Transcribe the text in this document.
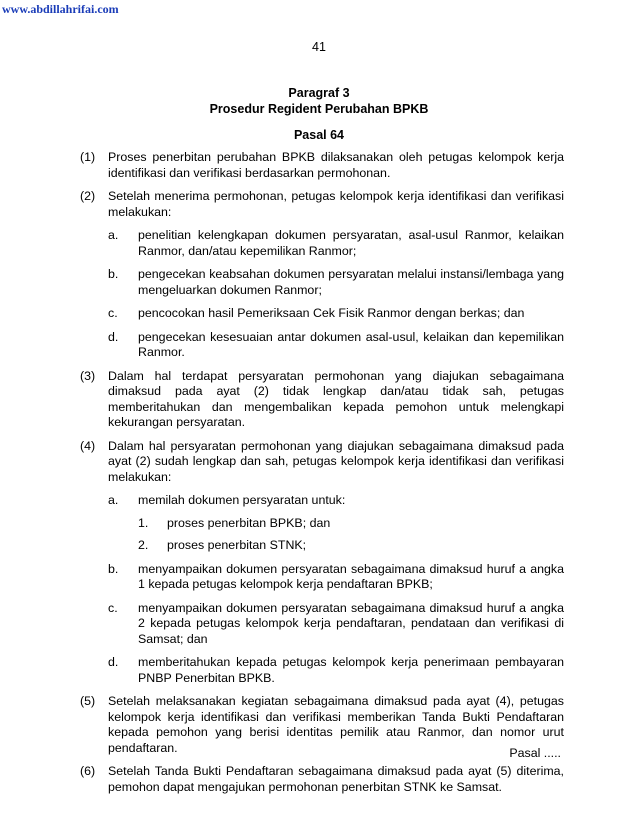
www.abdillahrifai.com
41
Paragraf 3
Prosedur Regident Perubahan BPKB
Pasal 64
(1)	Proses penerbitan perubahan BPKB dilaksanakan oleh petugas kelompok kerja identifikasi dan verifikasi berdasarkan permohonan.
(2)	Setelah menerima permohonan, petugas kelompok kerja identifikasi dan verifikasi melakukan:
a.	penelitian kelengkapan dokumen persyaratan, asal-usul Ranmor, kelaikan Ranmor, dan/atau kepemilikan Ranmor;
b.	pengecekan keabsahan dokumen persyaratan melalui instansi/lembaga yang mengeluarkan dokumen Ranmor;
c.	pencocokan hasil Pemeriksaan Cek Fisik Ranmor dengan berkas; dan
d.	pengecekan kesesuaian antar dokumen asal-usul, kelaikan dan kepemilikan Ranmor.
(3)	Dalam hal terdapat persyaratan permohonan yang diajukan sebagaimana dimaksud pada ayat (2) tidak lengkap dan/atau tidak sah, petugas memberitahukan dan mengembalikan kepada pemohon untuk melengkapi kekurangan persyaratan.
(4)	Dalam hal persyaratan permohonan yang diajukan sebagaimana dimaksud pada ayat (2) sudah lengkap dan sah, petugas kelompok kerja identifikasi dan verifikasi melakukan:
a.	memilah dokumen persyaratan untuk:
1.	proses penerbitan BPKB; dan
2.	proses penerbitan STNK;
b.	menyampaikan dokumen persyaratan sebagaimana dimaksud huruf a angka 1 kepada petugas kelompok kerja pendaftaran BPKB;
c.	menyampaikan dokumen persyaratan sebagaimana dimaksud huruf a angka 2 kepada petugas kelompok kerja pendaftaran, pendataan dan verifikasi di Samsat; dan
d.	memberitahukan kepada petugas kelompok kerja penerimaan pembayaran PNBP Penerbitan BPKB.
(5)	Setelah melaksanakan kegiatan sebagaimana dimaksud pada ayat (4), petugas kelompok kerja identifikasi dan verifikasi memberikan Tanda Bukti Pendaftaran kepada pemohon yang berisi identitas pemilik atau Ranmor, dan nomor urut pendaftaran.
(6)	Setelah Tanda Bukti Pendaftaran sebagaimana dimaksud pada ayat (5) diterima, pemohon dapat mengajukan permohonan penerbitan STNK ke Samsat.
Pasal .....
